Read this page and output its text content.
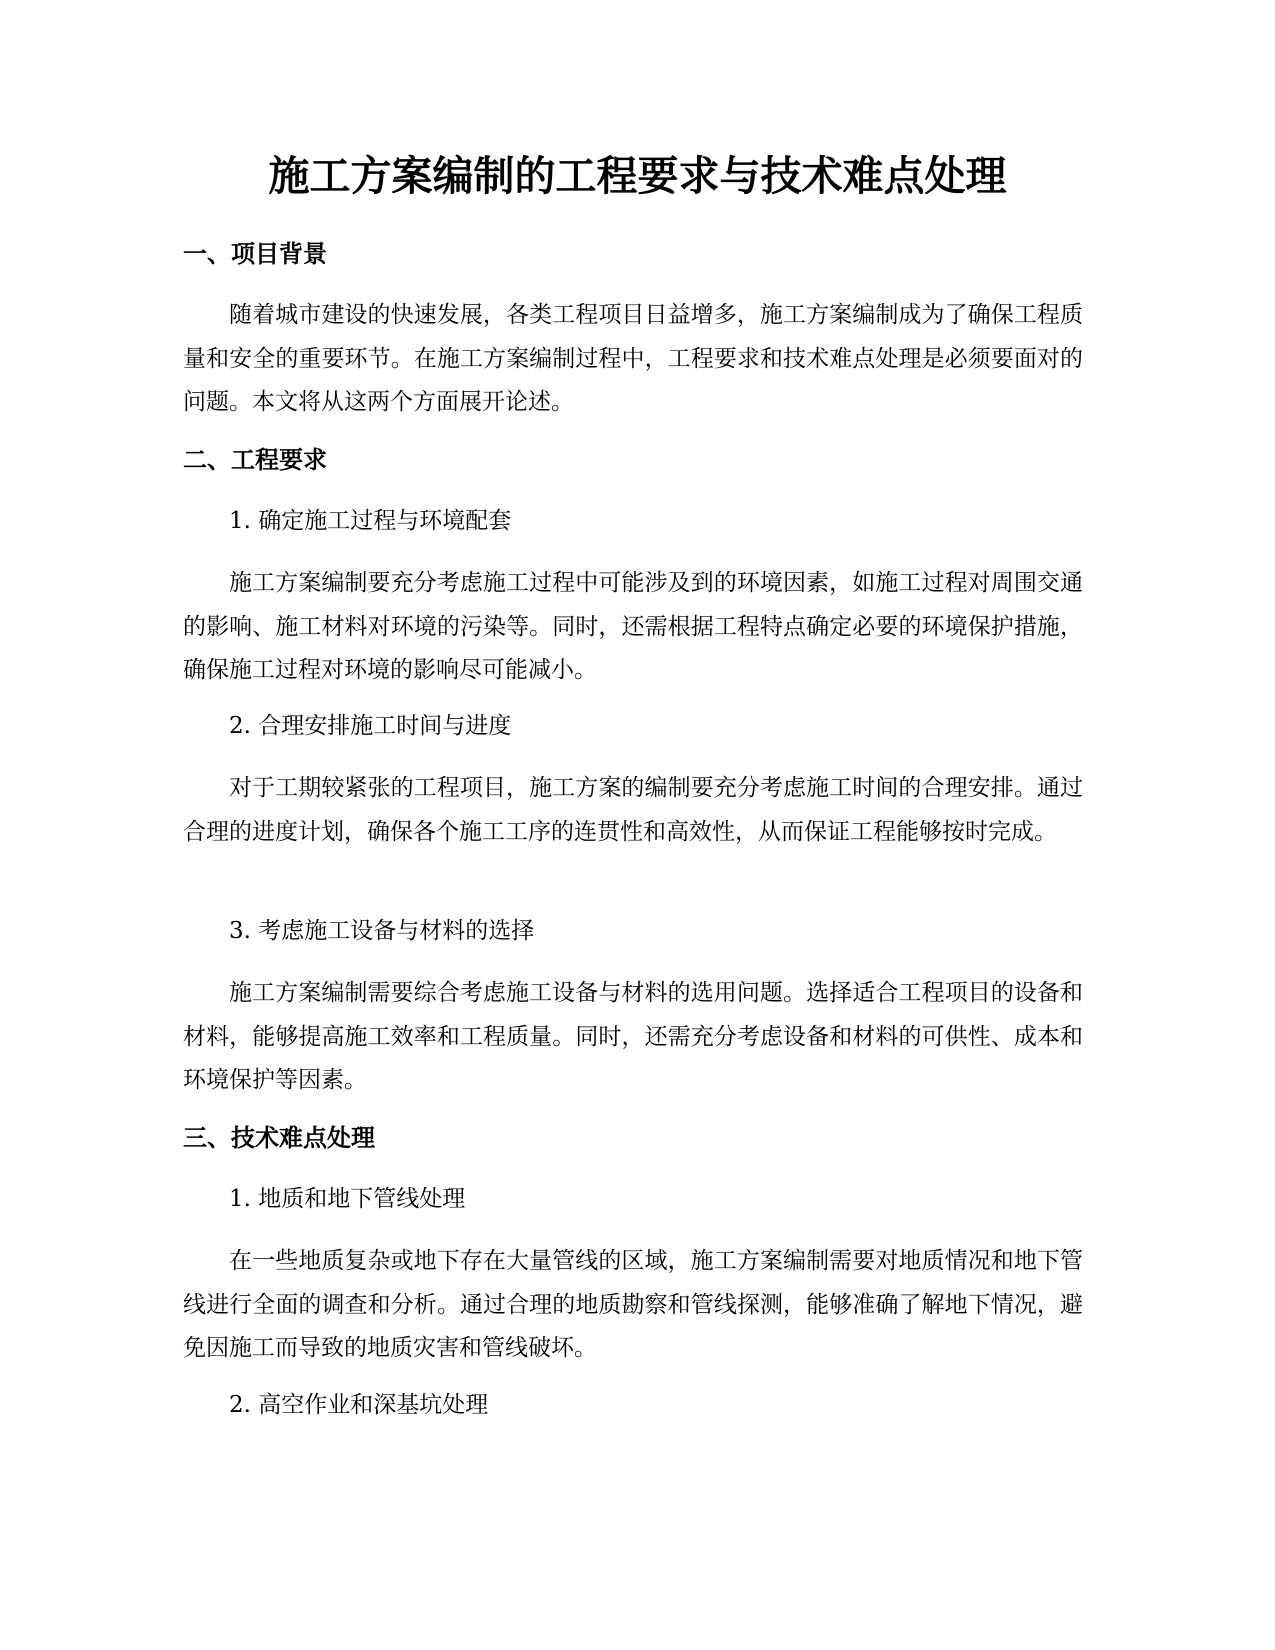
施工方案编制的工程要求与技术难点处理
一、项目背景

随着城市建设的快速发展，各类工程项目日益增多，施工方案编制成为了确保工程质量和安全的重要环节。在施工方案编制过程中，工程要求和技术难点处理是必须要面对的问题。本文将从这两个方面展开论述。

二、工程要求
1. 确定施工过程与环境配套

施工方案编制要充分考虑施工过程中可能涉及到的环境因素，如施工过程对周围交通的影响、施工材料对环境的污染等。同时，还需根据工程特点确定必要的环境保护措施，确保施工过程对环境的影响尽可能减小。

2. 合理安排施工时间与进度

对于工期较紧张的工程项目，施工方案的编制要充分考虑施工时间的合理安排。通过合理的进度计划，确保各个施工工序的连贯性和高效性，从而保证工程能够按时完成。

3. 考虑施工设备与材料的选择

施工方案编制需要综合考虑施工设备与材料的选用问题。选择适合工程项目的设备和材料，能够提高施工效率和工程质量。同时，还需充分考虑设备和材料的可供性、成本和环境保护等因素。

三、技术难点处理
1. 地质和地下管线处理

在一些地质复杂或地下存在大量管线的区域，施工方案编制需要对地质情况和地下管线进行全面的调查和分析。通过合理的地质勘察和管线探测，能够准确了解地下情况，避免因施工而导致的地质灾害和管线破坏。

2. 高空作业和深基坑处理
